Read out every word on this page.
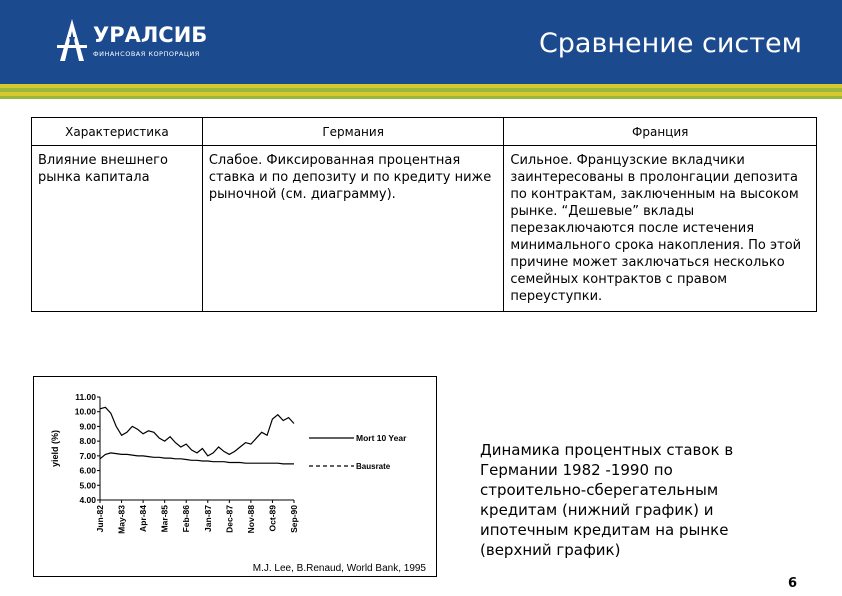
УРАЛСИБ
ФИНАНСОВАЯ КОРПОРАЦИЯ	Сравнение систем
Характеристика	Германия	Франция
Влияние внешнего рынка капитала	Слабое. Фиксированная процентная ставка и по депозиту и по кредиту ниже рыночной (см. диаграмму).	Сильное. Французские вкладчики заинтересованы в пролонгации депозита по контрактам, заключенным на высоком рынке. “Дешевые” вклады перезаключаются после истечения минимального срока накопления. По этой причине может заключаться несколько семейных контрактов с правом переуступки.
11.00
10.00
9.00
8.00
7.00
6.00
5.00
4.00
yield (%)
Jun-82 May-83 Apr-84 Mar-85 Feb-86 Jan-87 Dec-87 Nov-88 Oct-89 Sep-90
Mort 10 Year
Bausrate
M.J. Lee, B.Renaud, World Bank, 1995
Динамика процентных ставок в Германии 1982 -1990 по строительно-сберегательным кредитам (нижний график) и ипотечным кредитам на рынке (верхний график)
6
